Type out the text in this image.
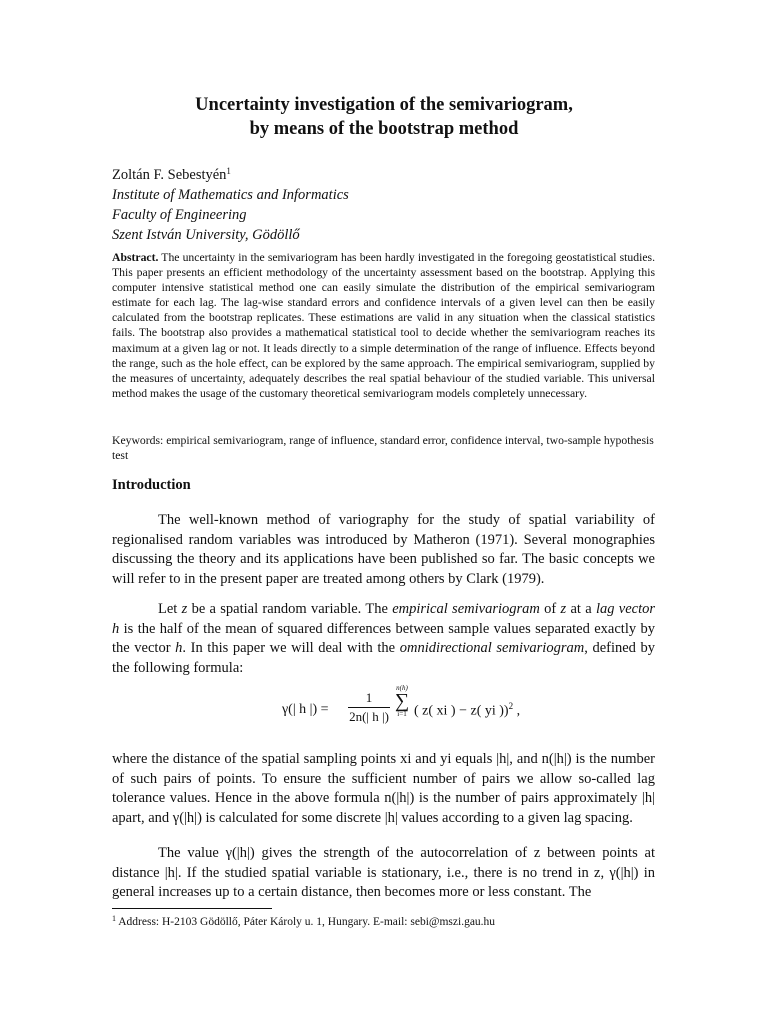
Uncertainty investigation of the semivariogram,
by means of the bootstrap method
Zoltán F. Sebestyén$^1$
Institute of Mathematics and Informatics
Faculty of Engineering
Szent István University, Gödöllő
Abstract. The uncertainty in the semivariogram has been hardly investigated in the foregoing geostatistical studies. This paper presents an efficient methodology of the uncertainty assessment based on the bootstrap. Applying this computer intensive statistical method one can easily simulate the distribution of the empirical semivariogram estimate for each lag. The lag-wise standard errors and confidence intervals of a given level can then be easily calculated from the bootstrap replicates. These estimations are valid in any situation when the classical statistics fails. The bootstrap also provides a mathematical statistical tool to decide whether the semivariogram reaches its maximum at a given lag or not. It leads directly to a simple determination of the range of influence. Effects beyond the range, such as the hole effect, can be explored by the same approach. The empirical semivariogram, supplied by the measures of uncertainty, adequately describes the real spatial behaviour of the studied variable. This universal method makes the usage of the customary theoretical semivariogram models completely unnecessary.
Keywords: empirical semivariogram, range of influence, standard error, confidence interval, two-sample hypothesis test
Introduction
The well-known method of variography for the study of spatial variability of regionalised random variables was introduced by Matheron (1971). Several monographies discussing the theory and its applications have been published so far. The basic concepts we will refer to in the present paper are treated among others by Clark (1979).
Let z be a spatial random variable. The empirical semivariogram of z at a lag vector h is the half of the mean of squared differences between sample values separated exactly by the vector h. In this paper we will deal with the omnidirectional semivariogram, defined by the following formula:
γ(| h |) =
1
2n(| h |)
n(h)
∑
i=1 ( z( xi ) − z( yi ))$^2$ ,
where the distance of the spatial sampling points xi and yi equals |h|, and n(|h|) is the number of such pairs of points. To ensure the sufficient number of pairs we allow so-called lag tolerance values. Hence in the above formula n(|h|) is the number of pairs approximately |h| apart, and γ(|h|) is calculated for some discrete |h| values according to a given lag spacing.
The value γ(|h|) gives the strength of the autocorrelation of z between points at distance |h|. If the studied spatial variable is stationary, i.e., there is no trend in z, γ(|h|) in general increases up to a certain distance, then becomes more or less constant. The
$^1$ Address: H-2103 Gödöllő, Páter Károly u. 1, Hungary. E-mail: sebi@mszi.gau.hu
